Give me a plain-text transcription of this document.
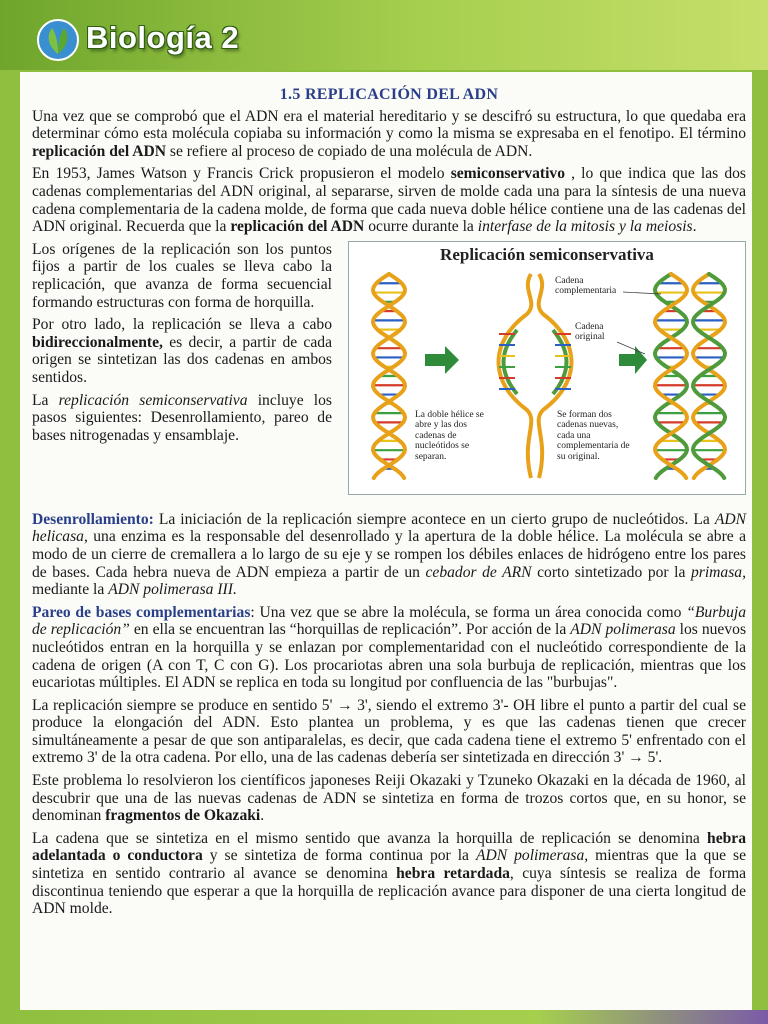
Biología 2
1.5 REPLICACIÓN DEL ADN

Una vez que se comprobó que el ADN era el material hereditario y se descifró su estructura, lo que quedaba era determinar cómo esta molécula copiaba su información y como la misma se expresaba en el fenotipo. El término replicación del ADN se refiere al proceso de copiado de una molécula de ADN.

En 1953, James Watson y Francis Crick propusieron el modelo semiconservativo , lo que indica que las dos cadenas complementarias del ADN original, al separarse, sirven de molde cada una para la síntesis de una nueva cadena complementaria de la cadena molde, de forma que cada nueva doble hélice contiene una de las cadenas del ADN original. Recuerda que la replicación del ADN ocurre durante la interfase de la mitosis y la meiosis.

Replicación semiconservativa
Cadena complementaria
Cadena original
La doble hélice se abre y las dos cadenas de nucleótidos se separan.
Se forman dos cadenas nuevas, cada una complementaria de su original.

Los orígenes de la replicación son los puntos fijos a partir de los cuales se lleva cabo la replicación, que avanza de forma secuencial formando estructuras con forma de horquilla.

Por otro lado, la replicación se lleva a cabo bidireccionalmente, es decir, a partir de cada origen se sintetizan las dos cadenas en ambos sentidos.

La replicación semiconservativa incluye los pasos siguientes: Desenrollamiento, pareo de bases nitrogenadas y ensamblaje.

Desenrollamiento: La iniciación de la replicación siempre acontece en un cierto grupo de nucleótidos. La ADN helicasa, una enzima es la responsable del desenrollado y la apertura de la doble hélice. La molécula se abre a modo de un cierre de cremallera a lo largo de su eje y se rompen los débiles enlaces de hidrógeno entre los pares de bases. Cada hebra nueva de ADN empieza a partir de un cebador de ARN corto sintetizado por la primasa, mediante la ADN polimerasa III.

Pareo de bases complementarias: Una vez que se abre la molécula, se forma un área conocida como “Burbuja de replicación” en ella se encuentran las “horquillas de replicación”. Por acción de la ADN polimerasa los nuevos nucleótidos entran en la horquilla y se enlazan por complementaridad con el nucleótido correspondiente de la cadena de origen (A con T, C con G). Los procariotas abren una sola burbuja de replicación, mientras que los eucariotas múltiples. El ADN se replica en toda su longitud por confluencia de las "burbujas".

La replicación siempre se produce en sentido 5' → 3', siendo el extremo 3'- OH libre el punto a partir del cual se produce la elongación del ADN. Esto plantea un problema, y es que las cadenas tienen que crecer simultáneamente a pesar de que son antiparalelas, es decir, que cada cadena tiene el extremo 5' enfrentado con el extremo 3' de la otra cadena. Por ello, una de las cadenas debería ser sintetizada en dirección 3' → 5'.

Este problema lo resolvieron los científicos japoneses Reiji Okazaki y Tzuneko Okazaki en la década de 1960, al descubrir que una de las nuevas cadenas de ADN se sintetiza en forma de trozos cortos que, en su honor, se denominan fragmentos de Okazaki.

La cadena que se sintetiza en el mismo sentido que avanza la horquilla de replicación se denomina hebra adelantada o conductora y se sintetiza de forma continua por la ADN polimerasa, mientras que la que se sintetiza en sentido contrario al avance se denomina hebra retardada, cuya síntesis se realiza de forma discontinua teniendo que esperar a que la horquilla de replicación avance para disponer de una cierta longitud de ADN molde.
